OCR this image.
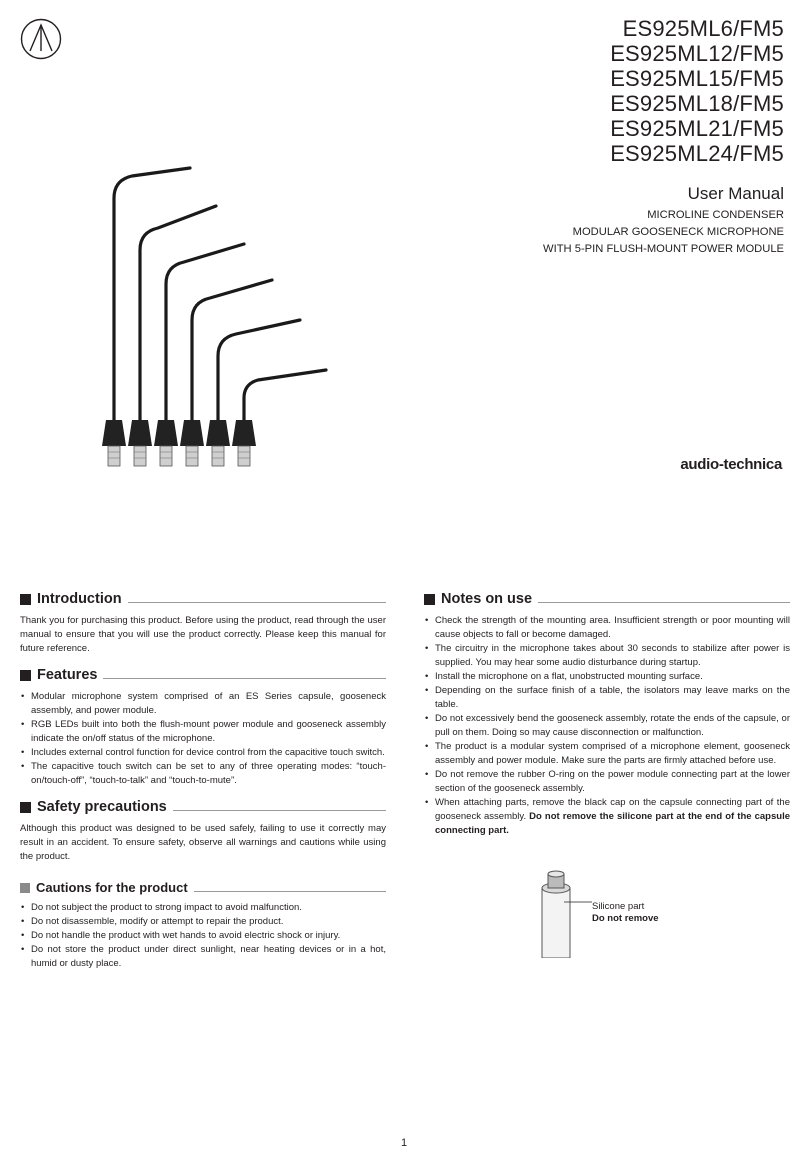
ES925ML6/FM5
ES925ML12/FM5
ES925ML15/FM5
ES925ML18/FM5
ES925ML21/FM5
ES925ML24/FM5
User Manual
MICROLINE CONDENSER
MODULAR GOOSENECK MICROPHONE
WITH 5-PIN FLUSH-MOUNT POWER MODULE
audio-technica
Introduction

Thank you for purchasing this product. Before using the product, read through the user manual to ensure that you will use the product correctly. Please keep this manual for future reference.

Features
• Modular microphone system comprised of an ES Series capsule, gooseneck assembly, and power module.
• RGB LEDs built into both the flush-mount power module and gooseneck assembly indicate the on/off status of the microphone.
• Includes external control function for device control from the capacitive touch switch.
• The capacitive touch switch can be set to any of three operating modes: “touch-on/touch-off”, “touch-to-talk” and “touch-to-mute”.
Safety precautions

Although this product was designed to be used safely, failing to use it correctly may result in an accident. To ensure safety, observe all warnings and cautions while using the product.

Cautions for the product
• Do not subject the product to strong impact to avoid malfunction.
• Do not disassemble, modify or attempt to repair the product.
• Do not handle the product with wet hands to avoid electric shock or injury.
• Do not store the product under direct sunlight, near heating devices or in a hot, humid or dusty place.
Notes on use
• Check the strength of the mounting area. Insufficient strength or poor mounting will cause objects to fall or become damaged.
• The circuitry in the microphone takes about 30 seconds to stabilize after power is supplied. You may hear some audio disturbance during startup.
• Install the microphone on a flat, unobstructed mounting surface.
• Depending on the surface finish of a table, the isolators may leave marks on the table.
• Do not excessively bend the gooseneck assembly, rotate the ends of the capsule, or pull on them. Doing so may cause disconnection or malfunction.
• The product is a modular system comprised of a microphone element, gooseneck assembly and power module. Make sure the parts are firmly attached before use.
• Do not remove the rubber O-ring on the power module connecting part at the lower section of the gooseneck assembly.
• When attaching parts, remove the black cap on the capsule connecting part of the gooseneck assembly. Do not remove the silicone part at the end of the capsule connecting part.
Silicone part
Do not remove
1
